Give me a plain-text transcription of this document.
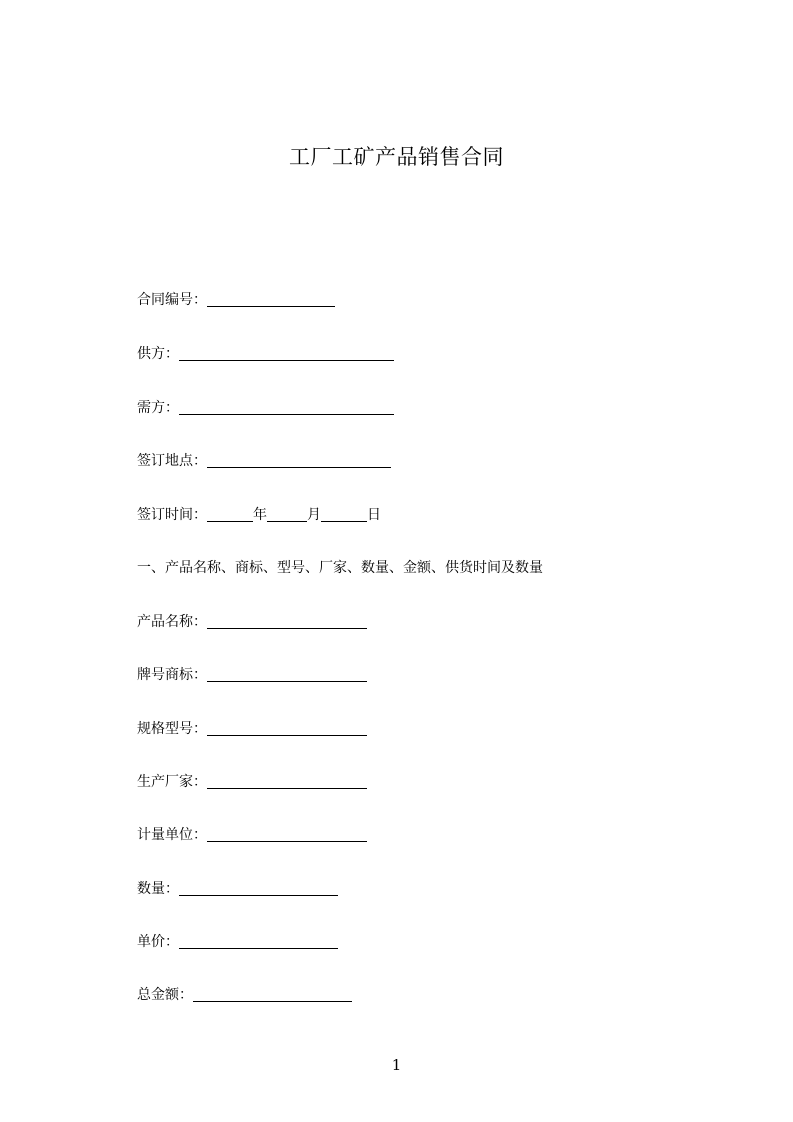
工厂工矿产品销售合同
合同编号：
供方：
需方：
签订地点：
签订时间：	年	月	日
一、产品名称、商标、型号、厂家、数量、金额、供货时间及数量
产品名称：
牌号商标：
规格型号：
生产厂家：
计量单位：
数量：
单价：
总金额：
1
